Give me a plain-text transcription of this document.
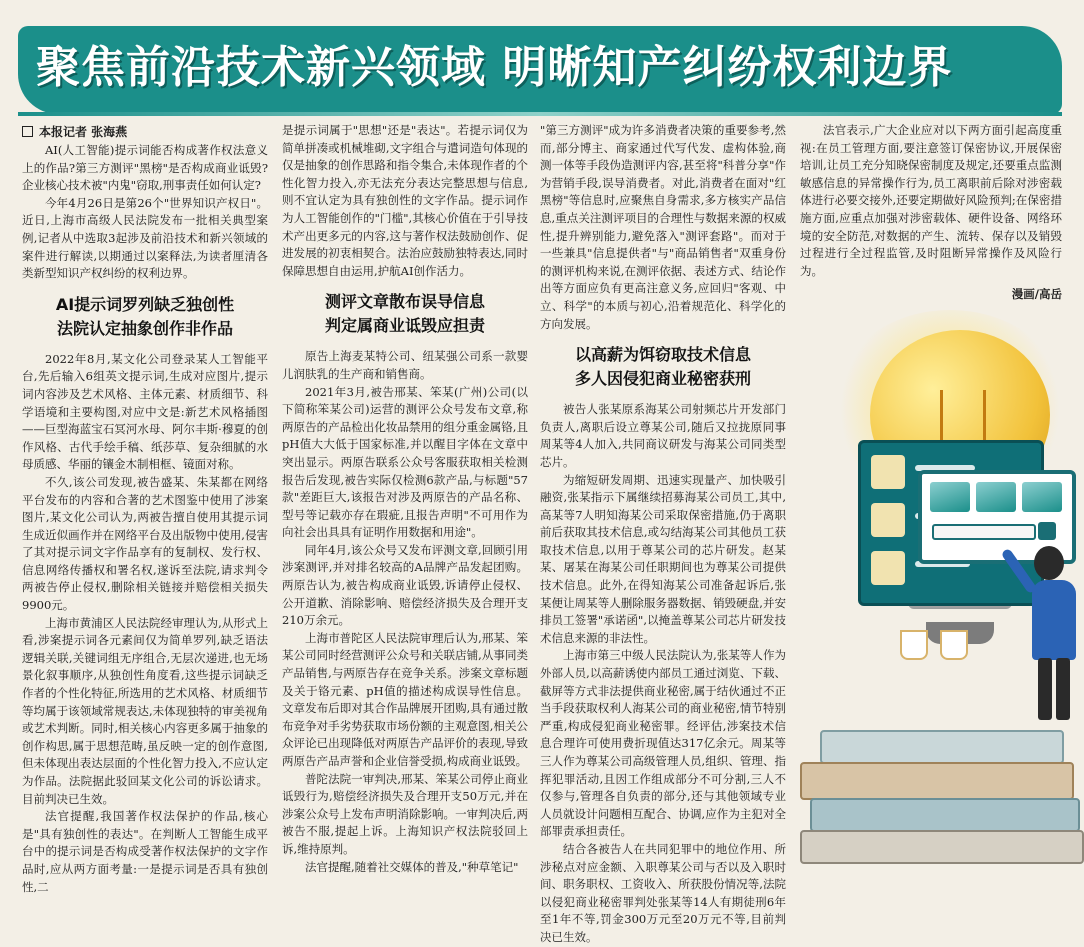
聚焦前沿技术新兴领域 明晰知产纠纷权利边界

本报记者 张海燕

AI(人工智能)提示词能否构成著作权法意义上的作品?第三方测评"黑榜"是否构成商业诋毁?企业核心技术被"内鬼"窃取,刑事责任如何认定?

今年4月26日是第26个"世界知识产权日"。近日,上海市高级人民法院发布一批相关典型案例,记者从中选取3起涉及前沿技术和新兴领域的案件进行解读,以期通过以案释法,为读者厘清各类新型知识产权纠纷的权利边界。

AI提示词罗列缺乏独创性
法院认定抽象创作非作品

2022年8月,某文化公司登录某人工智能平台,先后输入6组英文提示词,生成对应图片,提示词内容涉及艺术风格、主体元素、材质细节、科学语境和主要构图,对应中文是:新艺术风格插图——巨型海蓝宝石冥河水母、阿尔丰斯·穆夏的创作风格、古代手绘手稿、纸莎草、复杂细腻的水母质感、华丽的镶金木制相框、镜面对称。

不久,该公司发现,被告盛某、朱某都在网络平台发布的内容和合著的艺术图鉴中使用了涉案图片,某文化公司认为,两被告擅自使用其提示词生成近似画作并在网络平台及出版物中使用,侵害了其对提示词文字作品享有的复制权、发行权、信息网络传播权和署名权,遂诉至法院,请求判令两被告停止侵权,删除相关链接并赔偿相关损失9900元。

上海市黄浦区人民法院经审理认为,从形式上看,涉案提示词各元素间仅为简单罗列,缺乏语法逻辑关联,关键词组无序组合,无层次递进,也无场景化叙事顺序,从独创性角度看,这些提示词缺乏作者的个性化特征,所选用的艺术风格、材质细节等均属于该领域常规表达,未体现独特的审美视角或艺术判断。同时,相关核心内容更多属于抽象的创作构思,属于思想范畴,虽反映一定的创作意图,但未体现出表达层面的个性化智力投入,不应认定为作品。法院据此驳回某文化公司的诉讼请求。目前判决已生效。

法官提醒,我国著作权法保护的作品,核心是"具有独创性的表达"。在判断人工智能生成平台中的提示词是否构成受著作权法保护的文字作品时,应从两方面考量:一是提示词是否具有独创性,二

是提示词属于"思想"还是"表达"。若提示词仅为简单拼凑或机械堆砌,文字组合与遣词造句体现的仅是抽象的创作思路和指令集合,未体现作者的个性化智力投入,亦无法充分表达完整思想与信息,则不宜认定为具有独创性的文字作品。提示词作为人工智能创作的"门槛",其核心价值在于引导技术产出更多元的内容,这与著作权法鼓励创作、促进发展的初衷相契合。法治应鼓励独特表达,同时保障思想自由运用,护航AI创作活力。

测评文章散布误导信息
判定属商业诋毁应担责

原告上海麦某特公司、纽某强公司系一款婴儿润肤乳的生产商和销售商。

2021年3月,被告邢某、笨某(广州)公司(以下简称笨某公司)运营的测评公众号发布文章,称两原告的产品检出化妆品禁用的组分重金属铬,且pH值大大低于国家标准,并以醒目字体在文章中突出显示。两原告联系公众号客服获取相关检测报告后发现,被告实际仅检测6款产品,与标题"57款"差距巨大,该报告对涉及两原告的产品名称、型号等记载亦存在瑕疵,且报告声明"不可用作为向社会出具具有证明作用数据和用途"。

同年4月,该公众号又发布评测文章,回顾引用涉案测评,并对排名较高的A品牌产品发起团购。两原告认为,被告构成商业诋毁,诉请停止侵权、公开道歉、消除影响、赔偿经济损失及合理开支210万余元。

上海市普陀区人民法院审理后认为,邢某、笨某公司同时经营测评公众号和关联店铺,从事同类产品销售,与两原告存在竞争关系。涉案文章标题及关于铬元素、pH值的描述构成误导性信息。文章发布后即对其合作品牌展开团购,具有通过散布竞争对手劣势获取市场份额的主观意图,相关公众评论已出现降低对两原告产品评价的表现,导致两原告产品声誉和企业信誉受损,构成商业诋毁。

普陀法院一审判决,邢某、笨某公司停止商业诋毁行为,赔偿经济损失及合理开支50万元,并在涉案公众号上发布声明消除影响。一审判决后,两被告不服,提起上诉。上海知识产权法院驳回上诉,维持原判。

法官提醒,随着社交媒体的普及,"种草笔记"

"第三方测评"成为许多消费者决策的重要参考,然而,部分博主、商家通过代写代发、虚构体验,商测一体等手段伪造测评内容,甚至将"科普分享"作为营销手段,误导消费者。对此,消费者在面对"红黑榜"等信息时,应聚焦自身需求,多方核实产品信息,重点关注测评项目的合理性与数据来源的权威性,提升辨别能力,避免落入"测评套路"。而对于一些兼具"信息提供者"与"商品销售者"双重身份的测评机构来说,在测评依据、表述方式、结论作出等方面应负有更高注意义务,应回归"客观、中立、科学"的本质与初心,沿着规范化、科学化的方向发展。

以高薪为饵窃取技术信息
多人因侵犯商业秘密获刑

被告人张某原系海某公司射频芯片开发部门负责人,离职后设立尊某公司,随后又拉拢原同事周某等4人加入,共同商议研发与海某公司同类型芯片。

为缩短研发周期、迅速实现量产、加快吸引融资,张某指示下属继续招募海某公司员工,其中,高某等7人明知海某公司采取保密措施,仍于离职前后获取其技术信息,或勾结海某公司其他员工获取技术信息,以用于尊某公司的芯片研发。赵某某、屠某在海某公司任职期间也为尊某公司提供技术信息。此外,在得知海某公司准备起诉后,张某便让周某等人删除服务器数据、销毁硬盘,并安排员工签署"承诺函",以掩盖尊某公司芯片研发技术信息来源的非法性。

上海市第三中级人民法院认为,张某等人作为外部人员,以高薪诱使内部员工通过浏览、下载、截屏等方式非法提供商业秘密,属于结伙通过不正当手段获取权利人海某公司的商业秘密,情节特别严重,构成侵犯商业秘密罪。经评估,涉案技术信息合理许可使用费折现值达317亿余元。周某等三人作为尊某公司高级管理人员,组织、管理、指挥犯罪活动,且因工作组成部分不可分割,三人不仅参与,管理各自负责的部分,还与其他领域专业人员就设计问题相互配合、协调,应作为主犯对全部罪责承担责任。

结合各被告人在共同犯罪中的地位作用、所涉秘点对应金额、入职尊某公司与否以及入职时间、职务职权、工资收入、所获股份情况等,法院以侵犯商业秘密罪判处张某等14人有期徒刑6年至1年不等,罚金300万元至20万元不等,目前判决已生效。

法官表示,广大企业应对以下两方面引起高度重视:在员工管理方面,要注意签订保密协议,开展保密培训,让员工充分知晓保密制度及规定,还要重点监测敏感信息的异常操作行为,员工离职前后除对涉密载体进行必要交接外,还要定期做好风险预判;在保密措施方面,应重点加强对涉密载体、硬件设备、网络环境的安全防范,对数据的产生、流转、保存以及销毁过程进行全过程监管,及时阻断异常操作及风险行为。

漫画/高岳
